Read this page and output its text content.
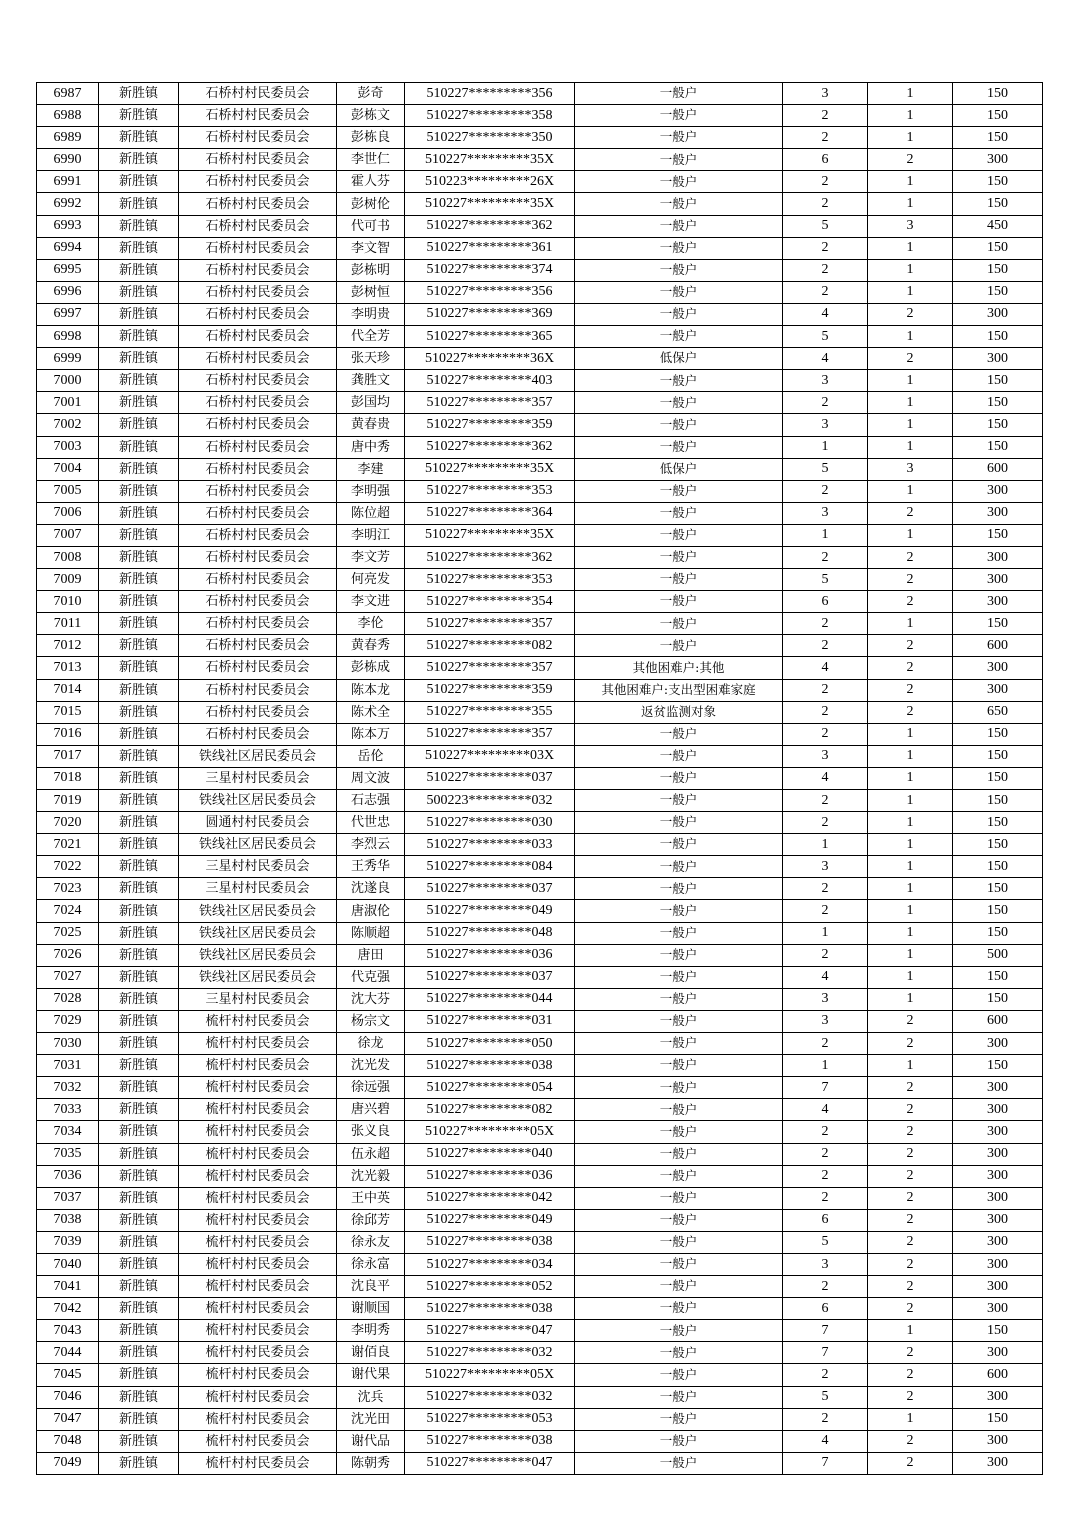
6987	新胜镇	石桥村村民委员会	彭奇	510227*********356	一般户	3	1	150
6988	新胜镇	石桥村村民委员会	彭栋文	510227*********358	一般户	2	1	150
6989	新胜镇	石桥村村民委员会	彭栋良	510227*********350	一般户	2	1	150
6990	新胜镇	石桥村村民委员会	李世仁	510227*********35X	一般户	6	2	300
6991	新胜镇	石桥村村民委员会	霍人芬	510223*********26X	一般户	2	1	150
6992	新胜镇	石桥村村民委员会	彭树伦	510227*********35X	一般户	2	1	150
6993	新胜镇	石桥村村民委员会	代可书	510227*********362	一般户	5	3	450
6994	新胜镇	石桥村村民委员会	李文智	510227*********361	一般户	2	1	150
6995	新胜镇	石桥村村民委员会	彭栋明	510227*********374	一般户	2	1	150
6996	新胜镇	石桥村村民委员会	彭树恒	510227*********356	一般户	2	1	150
6997	新胜镇	石桥村村民委员会	李明贵	510227*********369	一般户	4	2	300
6998	新胜镇	石桥村村民委员会	代全芳	510227*********365	一般户	5	1	150
6999	新胜镇	石桥村村民委员会	张天珍	510227*********36X	低保户	4	2	300
7000	新胜镇	石桥村村民委员会	龚胜文	510227*********403	一般户	3	1	150
7001	新胜镇	石桥村村民委员会	彭国均	510227*********357	一般户	2	1	150
7002	新胜镇	石桥村村民委员会	黄春贵	510227*********359	一般户	3	1	150
7003	新胜镇	石桥村村民委员会	唐中秀	510227*********362	一般户	1	1	150
7004	新胜镇	石桥村村民委员会	李建	510227*********35X	低保户	5	3	600
7005	新胜镇	石桥村村民委员会	李明强	510227*********353	一般户	2	1	300
7006	新胜镇	石桥村村民委员会	陈位超	510227*********364	一般户	3	2	300
7007	新胜镇	石桥村村民委员会	李明江	510227*********35X	一般户	1	1	150
7008	新胜镇	石桥村村民委员会	李文芳	510227*********362	一般户	2	2	300
7009	新胜镇	石桥村村民委员会	何亮发	510227*********353	一般户	5	2	300
7010	新胜镇	石桥村村民委员会	李文进	510227*********354	一般户	6	2	300
7011	新胜镇	石桥村村民委员会	李伦	510227*********357	一般户	2	1	150
7012	新胜镇	石桥村村民委员会	黄春秀	510227*********082	一般户	2	2	600
7013	新胜镇	石桥村村民委员会	彭栋成	510227*********357	其他困难户:其他	4	2	300
7014	新胜镇	石桥村村民委员会	陈本龙	510227*********359	其他困难户:支出型困难家庭	2	2	300
7015	新胜镇	石桥村村民委员会	陈术全	510227*********355	返贫监测对象	2	2	650
7016	新胜镇	石桥村村民委员会	陈本万	510227*********357	一般户	2	1	150
7017	新胜镇	铁线社区居民委员会	岳伦	510227*********03X	一般户	3	1	150
7018	新胜镇	三星村村民委员会	周文波	510227*********037	一般户	4	1	150
7019	新胜镇	铁线社区居民委员会	石志强	500223*********032	一般户	2	1	150
7020	新胜镇	圆通村村民委员会	代世忠	510227*********030	一般户	2	1	150
7021	新胜镇	铁线社区居民委员会	李烈云	510227*********033	一般户	1	1	150
7022	新胜镇	三星村村民委员会	王秀华	510227*********084	一般户	3	1	150
7023	新胜镇	三星村村民委员会	沈遂良	510227*********037	一般户	2	1	150
7024	新胜镇	铁线社区居民委员会	唐淑伦	510227*********049	一般户	2	1	150
7025	新胜镇	铁线社区居民委员会	陈顺超	510227*********048	一般户	1	1	150
7026	新胜镇	铁线社区居民委员会	唐田	510227*********036	一般户	2	1	500
7027	新胜镇	铁线社区居民委员会	代克强	510227*********037	一般户	4	1	150
7028	新胜镇	三星村村民委员会	沈大芬	510227*********044	一般户	3	1	150
7029	新胜镇	梳杆村村民委员会	杨宗文	510227*********031	一般户	3	2	600
7030	新胜镇	梳杆村村民委员会	徐龙	510227*********050	一般户	2	2	300
7031	新胜镇	梳杆村村民委员会	沈光发	510227*********038	一般户	1	1	150
7032	新胜镇	梳杆村村民委员会	徐远强	510227*********054	一般户	7	2	300
7033	新胜镇	梳杆村村民委员会	唐兴碧	510227*********082	一般户	4	2	300
7034	新胜镇	梳杆村村民委员会	张义良	510227*********05X	一般户	2	2	300
7035	新胜镇	梳杆村村民委员会	伍永超	510227*********040	一般户	2	2	300
7036	新胜镇	梳杆村村民委员会	沈光毅	510227*********036	一般户	2	2	300
7037	新胜镇	梳杆村村民委员会	王中英	510227*********042	一般户	2	2	300
7038	新胜镇	梳杆村村民委员会	徐邱芳	510227*********049	一般户	6	2	300
7039	新胜镇	梳杆村村民委员会	徐永友	510227*********038	一般户	5	2	300
7040	新胜镇	梳杆村村民委员会	徐永富	510227*********034	一般户	3	2	300
7041	新胜镇	梳杆村村民委员会	沈良平	510227*********052	一般户	2	2	300
7042	新胜镇	梳杆村村民委员会	谢顺国	510227*********038	一般户	6	2	300
7043	新胜镇	梳杆村村民委员会	李明秀	510227*********047	一般户	7	1	150
7044	新胜镇	梳杆村村民委员会	谢佰良	510227*********032	一般户	7	2	300
7045	新胜镇	梳杆村村民委员会	谢代果	510227*********05X	一般户	2	2	600
7046	新胜镇	梳杆村村民委员会	沈兵	510227*********032	一般户	5	2	300
7047	新胜镇	梳杆村村民委员会	沈光田	510227*********053	一般户	2	1	150
7048	新胜镇	梳杆村村民委员会	谢代品	510227*********038	一般户	4	2	300
7049	新胜镇	梳杆村村民委员会	陈朝秀	510227*********047	一般户	7	2	300
